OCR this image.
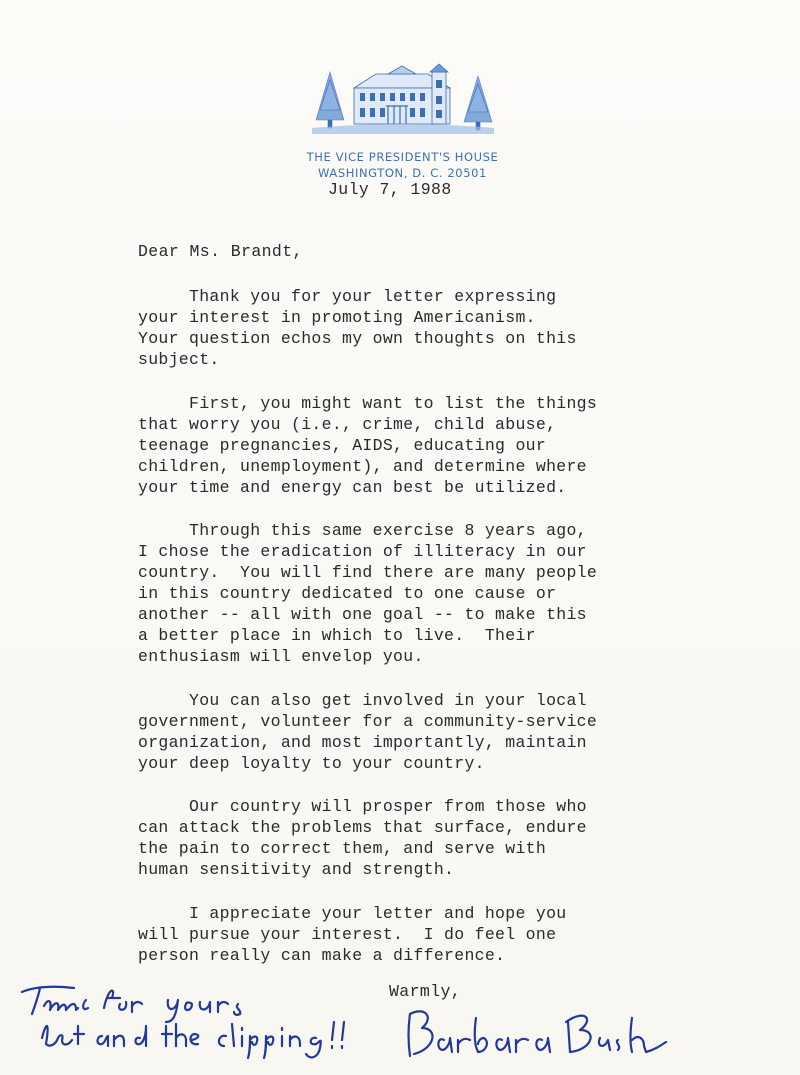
THE VICE PRESIDENT'S HOUSE
WASHINGTON, D. C. 20501
July 7, 1988
Dear Ms. Brandt,
Thank you for your letter expressing
your interest in promoting Americanism.
Your question echos my own thoughts on this
subject.
First, you might want to list the things
that worry you (i.e., crime, child abuse,
teenage pregnancies, AIDS, educating our
children, unemployment), and determine where
your time and energy can best be utilized.
Through this same exercise 8 years ago,
I chose the eradication of illiteracy in our
country.  You will find there are many people
in this country dedicated to one cause or
another -- all with one goal -- to make this
a better place in which to live.  Their
enthusiasm will envelop you.
You can also get involved in your local
government, volunteer for a community-service
organization, and most importantly, maintain
your deep loyalty to your country.
Our country will prosper from those who
can attack the problems that surface, endure
the pain to correct them, and serve with
human sensitivity and strength.
I appreciate your letter and hope you
will pursue your interest.  I do feel one
person really can make a difference.
Warmly,
